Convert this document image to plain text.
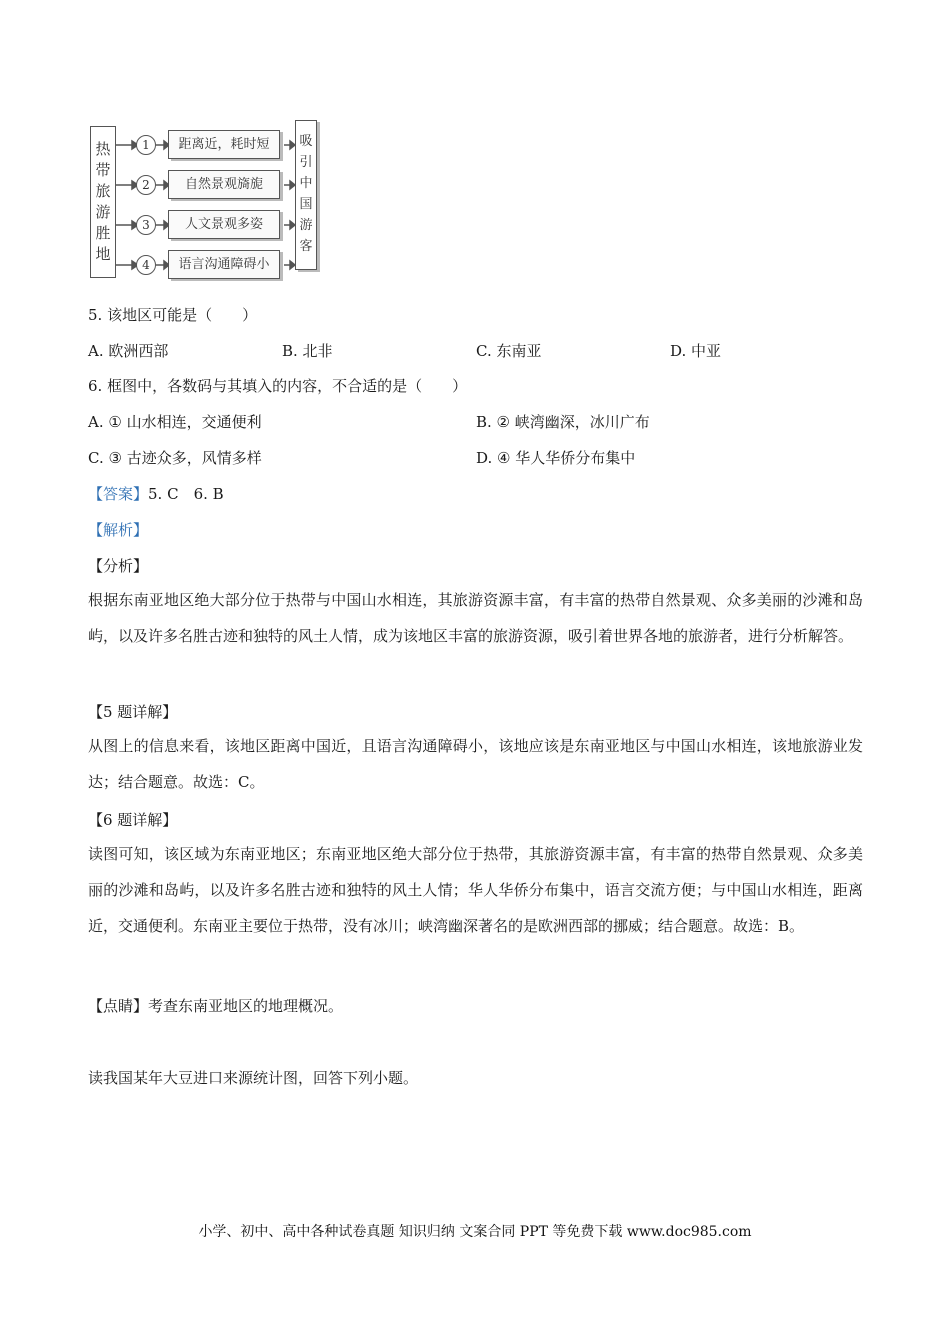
热带旅游胜地
1
2
3
4
距离近，耗时短
自然景观旖旎
人文景观多姿
语言沟通障碍小
吸引中国游客
5. 该地区可能是（　　）
A. 欧洲西部	B. 北非	C. 东南亚	D. 中亚
6. 框图中，各数码与其填入的内容，不合适的是（　　）
A. ① 山水相连，交通便利	B. ② 峡湾幽深，冰川广布
C. ③ 古迹众多，风情多样	D. ④ 华人华侨分布集中
【答案】5. C　6. B
【解析】
【分析】
根据东南亚地区绝大部分位于热带与中国山水相连，其旅游资源丰富，有丰富的热带自然景观、众多美丽的沙滩和岛屿，以及许多名胜古迹和独特的风土人情，成为该地区丰富的旅游资源，吸引着世界各地的旅游者，进行分析解答。
【5 题详解】
从图上的信息来看，该地区距离中国近，且语言沟通障碍小，该地应该是东南亚地区与中国山水相连，该地旅游业发达；结合题意。故选：C。
【6 题详解】
读图可知，该区域为东南亚地区；东南亚地区绝大部分位于热带，其旅游资源丰富，有丰富的热带自然景观、众多美丽的沙滩和岛屿，以及许多名胜古迹和独特的风土人情；华人华侨分布集中，语言交流方便；与中国山水相连，距离近，交通便利。东南亚主要位于热带，没有冰川；峡湾幽深著名的是欧洲西部的挪威；结合题意。故选：B。
【点睛】考查东南亚地区的地理概况。
读我国某年大豆进口来源统计图，回答下列小题。
小学、初中、高中各种试卷真题 知识归纳 文案合同 PPT 等免费下载 www.doc985.com
